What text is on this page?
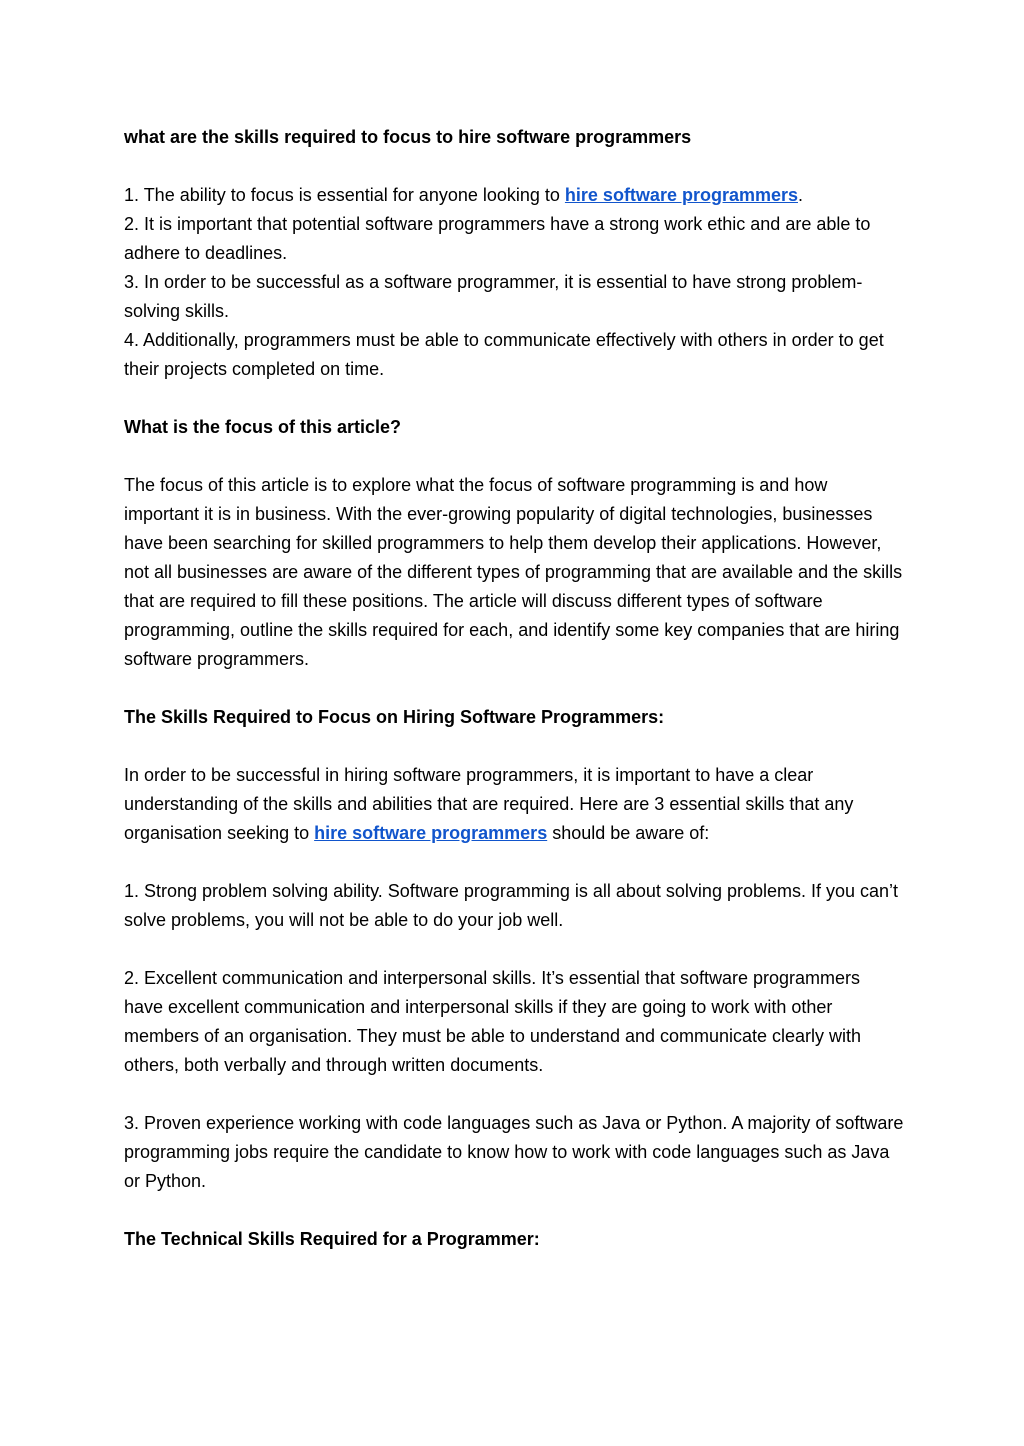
what are the skills required to focus to hire software programmers

1. The ability to focus is essential for anyone looking to hire software programmers.

2. It is important that potential software programmers have a strong work ethic and are able to adhere to deadlines.

3. In order to be successful as a software programmer, it is essential to have strong problem-solving skills.

4. Additionally, programmers must be able to communicate effectively with others in order to get their projects completed on time.

What is the focus of this article?

The focus of this article is to explore what the focus of software programming is and how important it is in business. With the ever-growing popularity of digital technologies, businesses have been searching for skilled programmers to help them develop their applications. However, not all businesses are aware of the different types of programming that are available and the skills that are required to fill these positions. The article will discuss different types of software programming, outline the skills required for each, and identify some key companies that are hiring software programmers.

The Skills Required to Focus on Hiring Software Programmers:

In order to be successful in hiring software programmers, it is important to have a clear understanding of the skills and abilities that are required. Here are 3 essential skills that any organisation seeking to hire software programmers should be aware of:

1. Strong problem solving ability. Software programming is all about solving problems. If you can’t solve problems, you will not be able to do your job well.

2. Excellent communication and interpersonal skills. It’s essential that software programmers have excellent communication and interpersonal skills if they are going to work with other members of an organisation. They must be able to understand and communicate clearly with others, both verbally and through written documents.

3. Proven experience working with code languages such as Java or Python. A majority of software programming jobs require the candidate to know how to work with code languages such as Java or Python.

The Technical Skills Required for a Programmer:
